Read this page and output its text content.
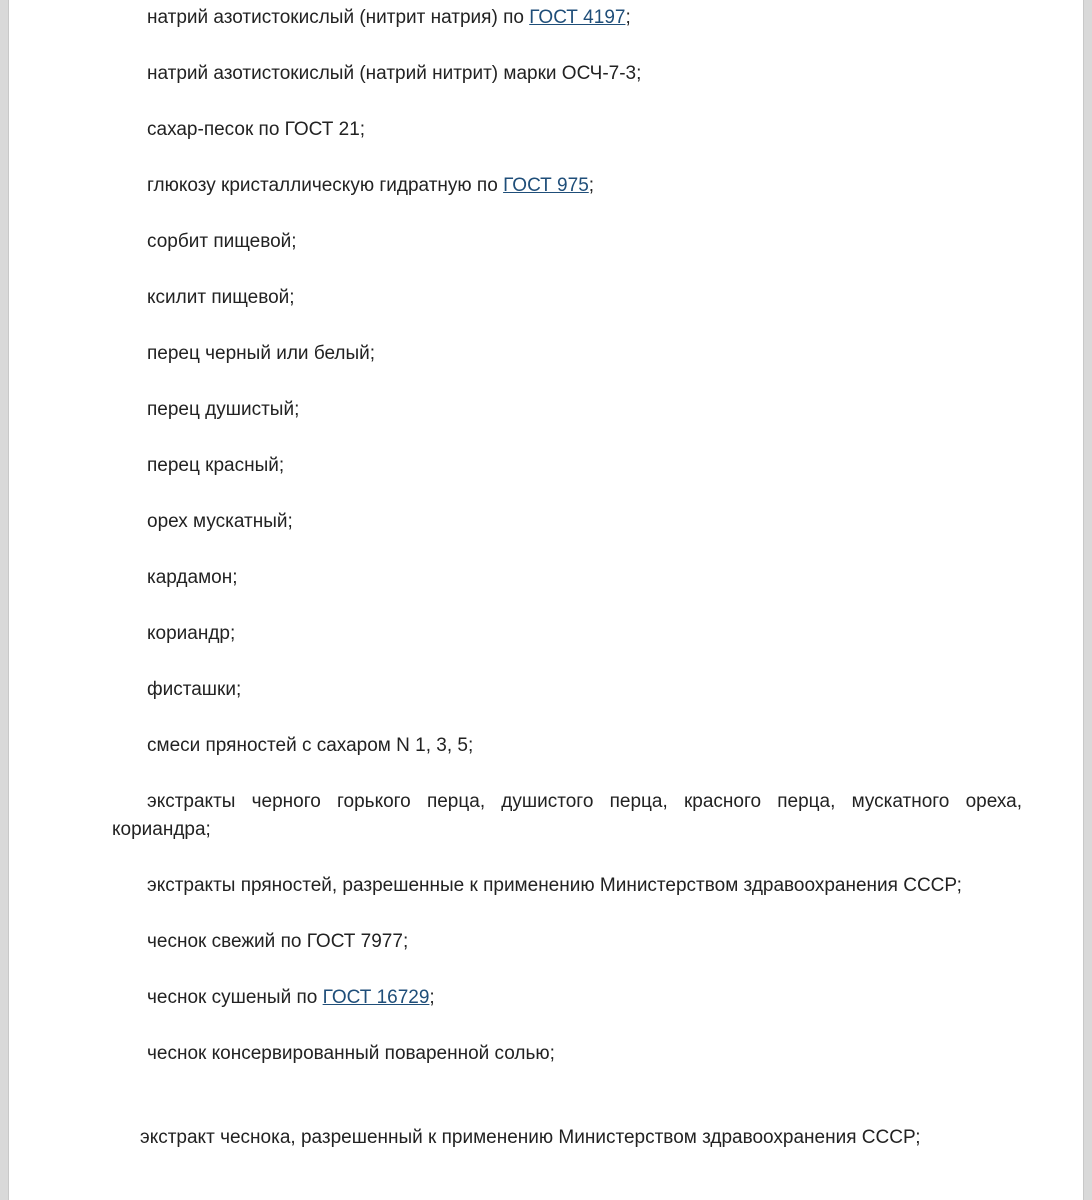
натрий азотистокислый (нитрит натрия) по ГОСТ 4197;

натрий азотистокислый (натрий нитрит) марки ОСЧ-7-3;

сахар-песок по ГОСТ 21;

глюкозу кристаллическую гидратную по ГОСТ 975;

сорбит пищевой;

ксилит пищевой;

перец черный или белый;

перец душистый;

перец красный;

орех мускатный;

кардамон;

кориандр;

фисташки;

смеси пряностей с сахаром N 1, 3, 5;

экстракты черного горького перца, душистого перца, красного перца, мускатного ореха, кориандра;

экстракты пряностей, разрешенные к применению Министерством здравоохранения СССР;

чеснок свежий по ГОСТ 7977;

чеснок сушеный по ГОСТ 16729;

чеснок консервированный поваренной солью;

экстракт чеснока, разрешенный к применению Министерством здравоохранения СССР;
